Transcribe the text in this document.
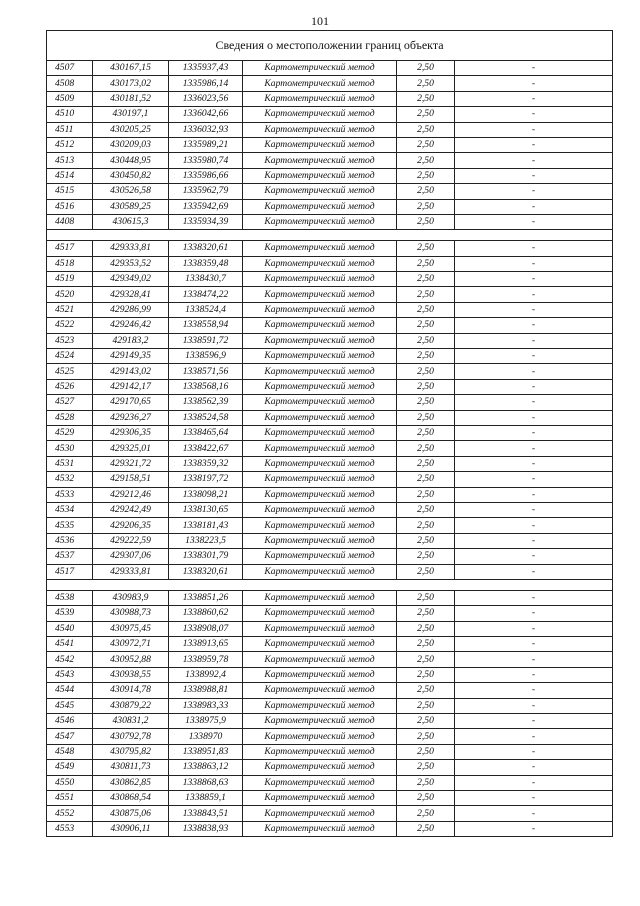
101
Сведения о местоположении границ объекта					
4507	430167,15	1335937,43	Картометрический метод	2,50	-
4508	430173,02	1335986,14	Картометрический метод	2,50	-
4509	430181,52	1336023,56	Картометрический метод	2,50	-
4510	430197,1	1336042,66	Картометрический метод	2,50	-
4511	430205,25	1336032,93	Картометрический метод	2,50	-
4512	430209,03	1335989,21	Картометрический метод	2,50	-
4513	430448,95	1335980,74	Картометрический метод	2,50	-
4514	430450,82	1335986,66	Картометрический метод	2,50	-
4515	430526,58	1335962,79	Картометрический метод	2,50	-
4516	430589,25	1335942,69	Картометрический метод	2,50	-
4408	430615,3	1335934,39	Картометрический метод	2,50	-

4517	429333,81	1338320,61	Картометрический метод	2,50	-
4518	429353,52	1338359,48	Картометрический метод	2,50	-
4519	429349,02	1338430,7	Картометрический метод	2,50	-
4520	429328,41	1338474,22	Картометрический метод	2,50	-
4521	429286,99	1338524,4	Картометрический метод	2,50	-
4522	429246,42	1338558,94	Картометрический метод	2,50	-
4523	429183,2	1338591,72	Картометрический метод	2,50	-
4524	429149,35	1338596,9	Картометрический метод	2,50	-
4525	429143,02	1338571,56	Картометрический метод	2,50	-
4526	429142,17	1338568,16	Картометрический метод	2,50	-
4527	429170,65	1338562,39	Картометрический метод	2,50	-
4528	429236,27	1338524,58	Картометрический метод	2,50	-
4529	429306,35	1338465,64	Картометрический метод	2,50	-
4530	429325,01	1338422,67	Картометрический метод	2,50	-
4531	429321,72	1338359,32	Картометрический метод	2,50	-
4532	429158,51	1338197,72	Картометрический метод	2,50	-
4533	429212,46	1338098,21	Картометрический метод	2,50	-
4534	429242,49	1338130,65	Картометрический метод	2,50	-
4535	429206,35	1338181,43	Картометрический метод	2,50	-
4536	429222,59	1338223,5	Картометрический метод	2,50	-
4537	429307,06	1338301,79	Картометрический метод	2,50	-
4517	429333,81	1338320,61	Картометрический метод	2,50	-

4538	430983,9	1338851,26	Картометрический метод	2,50	-
4539	430988,73	1338860,62	Картометрический метод	2,50	-
4540	430975,45	1338908,07	Картометрический метод	2,50	-
4541	430972,71	1338913,65	Картометрический метод	2,50	-
4542	430952,88	1338959,78	Картометрический метод	2,50	-
4543	430938,55	1338992,4	Картометрический метод	2,50	-
4544	430914,78	1338988,81	Картометрический метод	2,50	-
4545	430879,22	1338983,33	Картометрический метод	2,50	-
4546	430831,2	1338975,9	Картометрический метод	2,50	-
4547	430792,78	1338970	Картометрический метод	2,50	-
4548	430795,82	1338951,83	Картометрический метод	2,50	-
4549	430811,73	1338863,12	Картометрический метод	2,50	-
4550	430862,85	1338868,63	Картометрический метод	2,50	-
4551	430868,54	1338859,1	Картометрический метод	2,50	-
4552	430875,06	1338843,51	Картометрический метод	2,50	-
4553	430906,11	1338838,93	Картометрический метод	2,50	-
